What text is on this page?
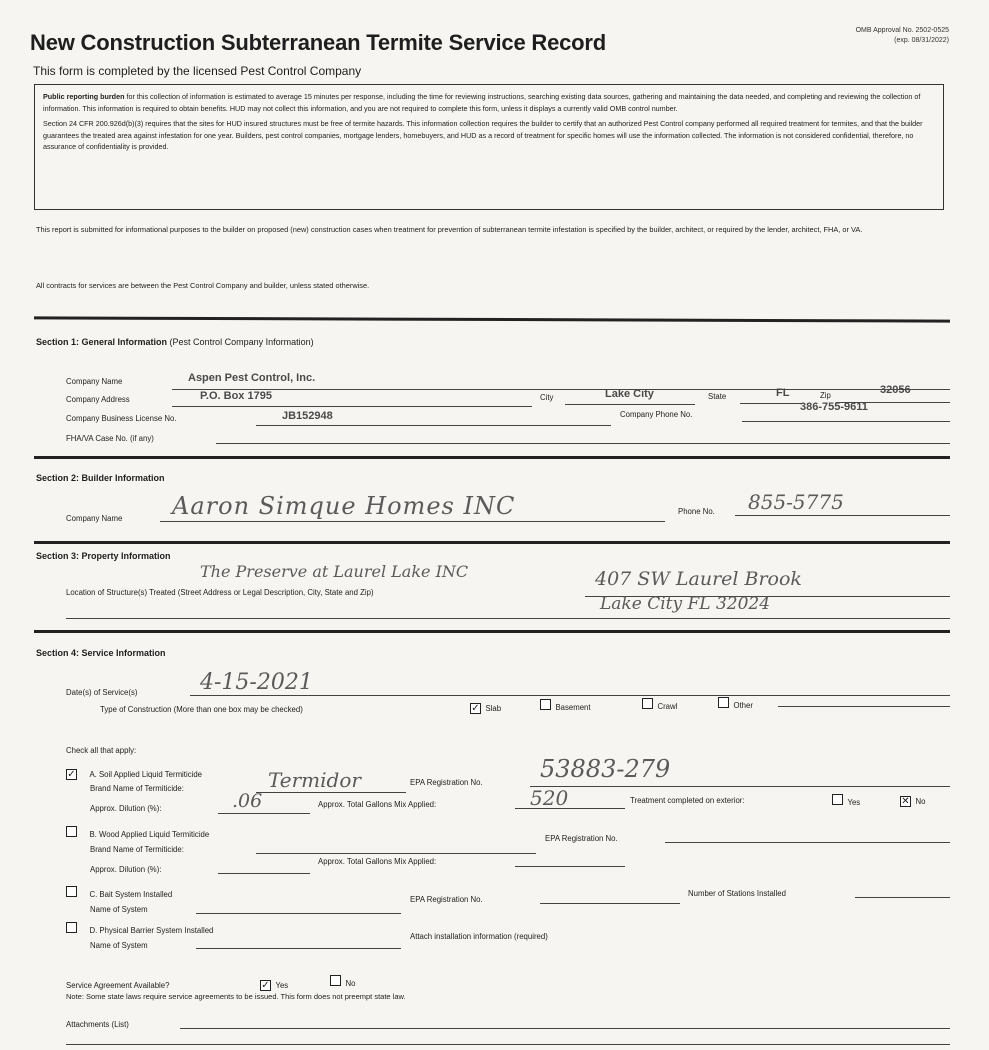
New Construction Subterranean Termite Service Record
This form is completed by the licensed Pest Control Company
OMB Approval No. 2502-0525
(exp. 08/31/2022)

Public reporting burden for this collection of information is estimated to average 15 minutes per response, including the time for reviewing instructions, searching existing data sources, gathering and maintaining the data needed, and completing and reviewing the collection of information. This information is required to obtain benefits. HUD may not collect this information, and you are not required to complete this form, unless it displays a currently valid OMB control number.

Section 24 CFR 200.926d(b)(3) requires that the sites for HUD insured structures must be free of termite hazards. This information collection requires the builder to certify that an authorized Pest Control company performed all required treatment for termites, and that the builder guarantees the treated area against infestation for one year. Builders, pest control companies, mortgage lenders, homebuyers, and HUD as a record of treatment for specific homes will use the information collected. The information is not considered confidential, therefore, no assurance of confidentiality is provided.

This report is submitted for informational purposes to the builder on proposed (new) construction cases when treatment for prevention of subterranean termite infestation is specified by the builder, architect, or required by the lender, architect, FHA, or VA.
All contracts for services are between the Pest Control Company and builder, unless stated otherwise.
Section 1: General Information (Pest Control Company Information)
Company Name	Aspen Pest Control, Inc.
Company Address	P.O. Box 1795	City	Lake City	State	FL	Zip	32056
Company Business License No.	JB152948	Company Phone No.
386-755-9611
FHA/VA Case No. (if any)
Section 2: Builder Information
Company Name Aaron Simque Homes INC	Phone No. 855-5775
Section 3: Property Information
The Preserve at Laurel Lake INC
Location of Structure(s) Treated (Street Address or Legal Description, City, State and Zip)
407 SW Laurel Brook
Lake City FL 32024
Section 4: Service Information
Date(s) of Service(s)	4-15-2021
Type of Construction (More than one box may be checked)	✓ Slab	Basement	Crawl	Other
Check all that apply:
✓ A. Soil Applied Liquid Termiticide
Brand Name of Termiticide:	Termidor	EPA Registration No. 53883-279
Approx. Dilution (%):	.06	Approx. Total Gallons Mix Applied:	520	Treatment completed on exterior:	Yes	✕ No
B. Wood Applied Liquid Termiticide
Brand Name of Termiticide:
EPA Registration No.
Approx. Dilution (%):
Approx. Total Gallons Mix Applied:
C. Bait System Installed
Name of System
EPA Registration No.
Number of Stations Installed
D. Physical Barrier System Installed
Name of System
Attach installation information (required)
Service Agreement Available?	✓ Yes	No
Note: Some state laws require service agreements to be issued. This form does not preempt state law.
Attachments (List)
